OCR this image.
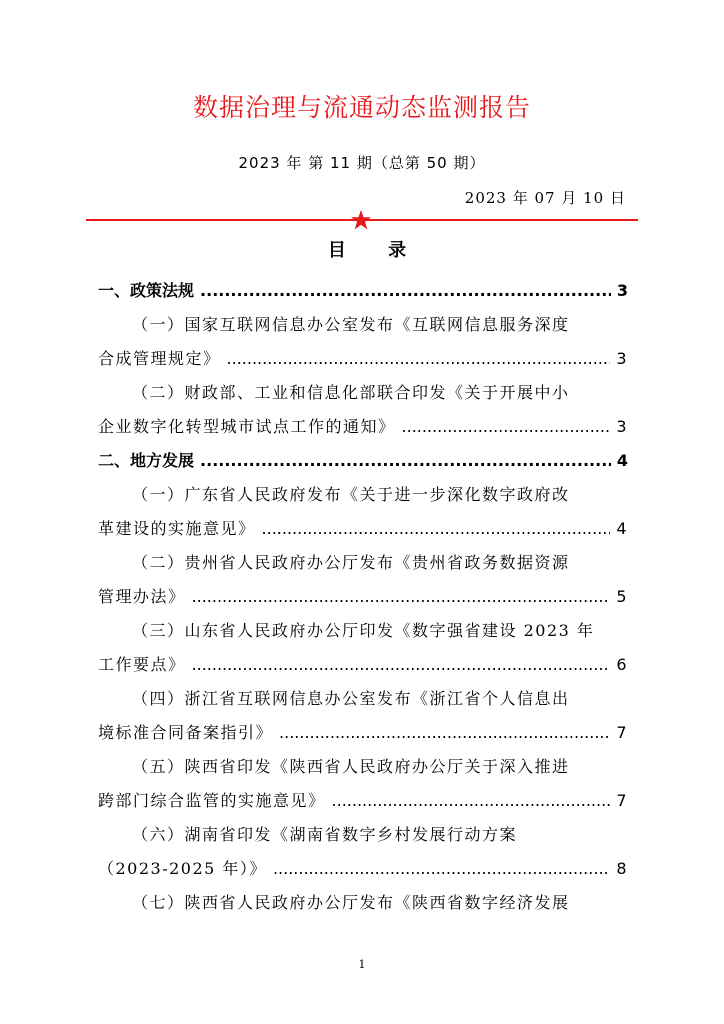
数据治理与流通动态监测报告
2023 年 第 11 期（总第 50 期）
2023 年 07 月 10 日
目 录
一、 政策法规 .....	3
（一）国家互联网信息办公室发布《互联网信息服务深度
合成管理规定》 .....	3
（二）财政部、工业和信息化部联合印发《关于开展中小
企业数字化转型城市试点工作的通知》 .....	3
二、 地方发展 .....	4
（一）广东省人民政府发布《关于进一步深化数字政府改
革建设的实施意见》 .....	4
（二）贵州省人民政府办公厅发布《贵州省政务数据资源
管理办法》 .....	5
（三）山东省人民政府办公厅印发《数字强省建设 2023 年
工作要点》 .....	6
（四）浙江省互联网信息办公室发布《浙江省个人信息出
境标准合同备案指引》 .....	7
（五）陕西省印发《陕西省人民政府办公厅关于深入推进
跨部门综合监管的实施意见》 .....	7
（六）湖南省印发《湖南省数字乡村发展行动方案
（2023-2025 年）》 .....	8
（七）陕西省人民政府办公厅发布《陕西省数字经济发展
1
